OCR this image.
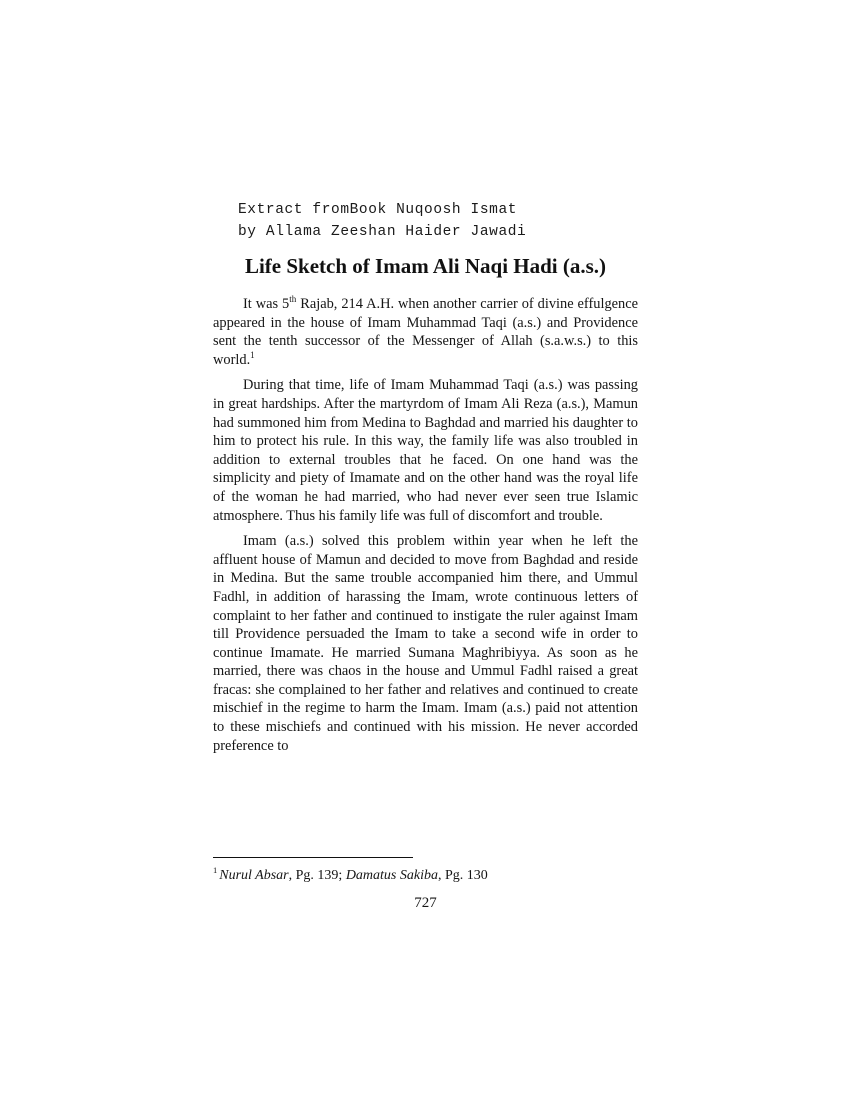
Extract fromBook Nuqoosh Ismat
by Allama Zeeshan Haider Jawadi
Life Sketch of Imam Ali Naqi Hadi (a.s.)

It was 5th Rajab, 214 A.H. when another carrier of divine effulgence appeared in the house of Imam Muhammad Taqi (a.s.) and Providence sent the tenth successor of the Messenger of Allah (s.a.w.s.) to this world.$^1$

During that time, life of Imam Muhammad Taqi (a.s.) was passing in great hardships. After the martyrdom of Imam Ali Reza (a.s.), Mamun had summoned him from Medina to Baghdad and married his daughter to him to protect his rule. In this way, the family life was also troubled in addition to external troubles that he faced. On one hand was the simplicity and piety of Imamate and on the other hand was the royal life of the woman he had married, who had never ever seen true Islamic atmosphere. Thus his family life was full of discomfort and trouble.

Imam (a.s.) solved this problem within year when he left the affluent house of Mamun and decided to move from Baghdad and reside in Medina. But the same trouble accompanied him there, and Ummul Fadhl, in addition of harassing the Imam, wrote continuous letters of complaint to her father and continued to instigate the ruler against Imam till Providence persuaded the Imam to take a second wife in order to continue Imamate. He married Sumana Maghribiyya. As soon as he married, there was chaos in the house and Ummul Fadhl raised a great fracas: she complained to her father and relatives and continued to create mischief in the regime to harm the Imam. Imam (a.s.) paid not attention to these mischiefs and continued with his mission. He never accorded preference to

$^1$ Nurul Absar, Pg. 139; Damatus Sakiba, Pg. 130
727
